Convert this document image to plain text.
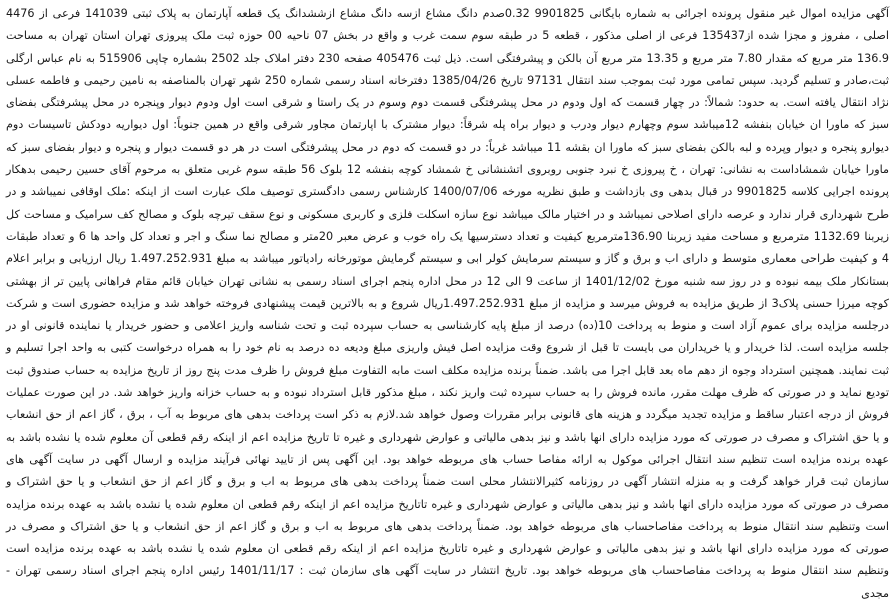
آگهی مزایده اموال غیر منقول پرونده اجرائی به شماره بایگانی 9901825 0.32صدم دانگ مشاع ازسه دانگ مشاع ازششدانگ یک قطعه آپارتمان به پلاک ثبتی 141039 فرعی از 4476 اصلی ، مفروز و مجزا شده از135437 فرعی از اصلی مذکور ، قطعه 5 در طبقه سوم سمت غرب و واقع در بخش 07 ناحیه 00 حوزه ثبت ملک پیروزی تهران استان تهران به مساحت 136.9 متر مربع که مقدار 7.80 متر مربع و 13.35 متر مربع آن بالکن و پیشرفتگی است. ذیل ثبت 405476 صفحه 230 دفتر املاک جلد 2502 بشماره چاپی 515906 به نام عباس ارگلی ثبت،صادر و تسلیم گردید. سپس تمامی مورد ثبت بموجب سند انتقال 97131 تاریخ 1385/04/26 دفترخانه اسناد رسمی شماره 250 شهر تهران بالمناصفه به نامین رحیمی و فاطمه عسلی نژاد انتقال یافته است. به حدود: شمالاً: در چهار قسمت که اول ودوم در محل پیشرفتگی قسمت دوم وسوم در یک راستا و شرقی است اول ودوم دیوار وپنجره در محل پیشرفتگی بفضای سبز که ماورا ان خیابان بنفشه 12میباشد سوم وچهارم دیوار ودرب و دیوار براه پله شرقاً: دیوار مشترک با اپارتمان مجاور شرقی واقع در همین جنوباً: اول دیواریه دودکش تاسیسات دوم دیوارو پنجره و دیوار وپرده و لبه بالکن بفضای سبز که ماورا ان بقشه 11 میباشد غرباً: در دو قسمت که دوم در محل پیشرفتگی است در هر دو قسمت دیوار و پنجره و دیوار بفضای سبز که ماورا خیابان شمشاداست به نشانی: تهران ، خ پیروزی خ نبرد جنوبی روبروی اتشنشانی خ شمشاد کوچه بنفشه 12 بلوک 56 طبقه سوم غربی متعلق به مرحوم آقای حسین رحیمی بدهکار پرونده اجرایی کلاسه 9901825 در قبال بدهی وی بازداشت و طبق نظریه مورخه 1400/07/06 کارشناس رسمی دادگستری توصیف ملک عبارت است از اینکه :ملک اوقافی نمیباشد و در طرح شهرداری قرار ندارد و عرصه دارای اصلاحی نمیباشد و در اختیار مالک میباشد نوع سازه اسکلت فلزی و کاربری مسکونی و نوع سقف تیرچه بلوک و مصالح کف سرامیک و مساحت کل زیربنا 1132.69 مترمربع و مساحت مفید زیربنا 136.90مترمربع کیفیت و تعداد دسترسیها یک راه خوب و عرض معبر 20متر و مصالح نما سنگ و اجر و تعداد کل واحد ها 6 و تعداد طبقات 4 و کیفیت طراحی معماری متوسط و دارای اب و برق و گاز و سیستم سرمایش کولر ابی و سیستم گرمایش موتورخانه رادیاتور میباشد به مبلغ 1.497.252.931 ریال ارزیابی و برابر اعلام بستانکار ملک بیمه نبوده و در روز سه شنبه مورخ 1401/12/02 از ساعت 9 الی 12 در محل اداره پنجم اجرای اسناد رسمی به نشانی تهران خیابان قائم مقام فراهانی پایین تر از بهشتی کوچه میرزا حسنی پلاک3 از طریق مزایده به فروش میرسد و مزایده از مبلغ 1.497.252.931ریال شروع و به بالاترین قیمت پیشنهادی فروخته خواهد شد و مزایده حضوری است و شرکت درجلسه مزایده برای عموم آزاد است و منوط به پرداخت 10(ده) درصد از مبلغ پایه کارشناسی به حساب سپرده ثبت و تحت شناسه واریز اعلامی و حضور خریدار یا نماینده قانونی او در جلسه مزایده است. لذا خریدار و یا خریداران می بایست تا قبل از شروع وقت مزایده اصل فیش واریزی مبلغ ودیعه ده درصد به نام خود را به همراه درخواست کتبی به واحد اجرا تسلیم و ثبت نمایند. همچنین استرداد وجوه از دهم ماه بعد قابل اجرا می باشد. ضمناً برنده مزایده مکلف است مابه التفاوت مبلغ فروش را ظرف مدت پنج روز از تاریخ مزایده به حساب صندوق ثبت تودیع نماید و در صورتی که ظرف مهلت مقرر، مانده فروش را به حساب سپرده ثبت واریز نکند ، مبلغ مذکور قابل استرداد نبوده و به حساب خزانه واریز خواهد شد. در این صورت عملیات فروش از درجه اعتبار ساقط و مزایده تجدید میگردد و هزینه های قانونی برابر مقررات وصول خواهد شد.لازم به ذکر است پرداخت بدهی های مربوط به آب ، برق ، گاز اعم از حق انشعاب و یا حق اشتراک و مصرف در صورتی که مورد مزایده دارای انها باشد و نیز بدهی مالیاتی و عوارض شهرداری و غیره تا تاریخ مزایده اعم از اینکه رقم قطعی آن معلوم شده یا نشده باشد به عهده برنده مزایده است تنظیم سند انتقال اجرائی موکول به ارائه مفاصا حساب های مربوطه خواهد بود. این آگهی پس از تایید نهائی فرآیند مزایده و ارسال آگهی در سایت آگهی های سازمان ثبت قرار خواهد گرفت و به منزله انتشار آگهی در روزنامه کثیرالانتشار محلی است ضمناً پرداخت بدهی های مربوط به اب و برق و گاز اعم از حق انشعاب و یا حق اشتراک و مصرف در صورتی که مورد مزایده دارای انها باشد و نیز بدهی مالیاتی و عوارض شهرداری و غیره تاتاریخ مزایده اعم از اینکه رقم قطعی ان معلوم شده یا نشده باشد به عهده برنده مزایده است وتنظیم سند انتقال منوط به پرداخت مفاصاحساب های مربوطه خواهد بود. ضمناً پرداخت بدهی های مربوط به اب و برق و گاز اعم از حق انشعاب و یا حق اشتراک و مصرف در صورتی که مورد مزایده دارای انها باشد و نیز بدهی مالیاتی و عوارض شهرداری و غیره تاتاریخ مزایده اعم از اینکه رقم قطعی ان معلوم شده یا نشده باشد به عهده برنده مزایده است وتنظیم سند انتقال منوط به پرداخت مفاصاحساب های مربوطه خواهد بود. تاریخ انتشار در سایت آگهی های سازمان ثبت : 1401/11/17 رئیس اداره پنجم اجرای اسناد رسمی تهران - مجدی
